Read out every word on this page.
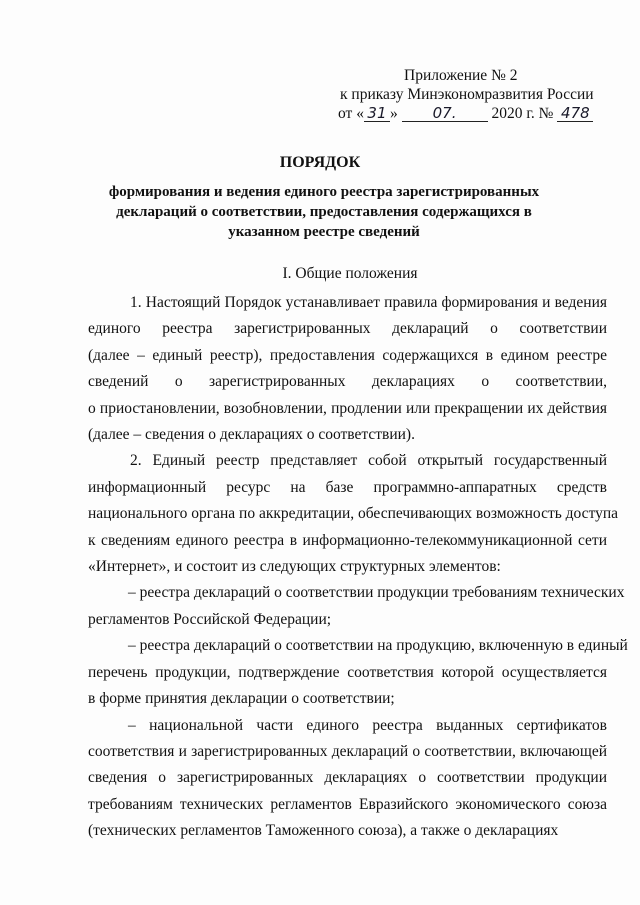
Приложение № 2
к приказу Минэкономразвития России
от « 31 » 07. 2020 г. № 478
ПОРЯДОК
формирования и ведения единого реестра зарегистрированных деклараций о соответствии, предоставления содержащихся в указанном реестре сведений
I. Общие положения
1. Настоящий Порядок устанавливает правила формирования и ведения
единого реестра зарегистрированных деклараций о соответствии
(далее – единый реестр), предоставления содержащихся в едином реестре
сведений о зарегистрированных декларациях о соответствии,
о приостановлении, возобновлении, продлении или прекращении их действия
(далее – сведения о декларациях о соответствии).
2. Единый реестр представляет собой открытый государственный
информационный ресурс на базе программно-аппаратных средств
национального органа по аккредитации, обеспечивающих возможность доступа
к сведениям единого реестра в информационно-телекоммуникационной сети
«Интернет», и состоит из следующих структурных элементов:
– реестра деклараций о соответствии продукции требованиям технических
регламентов Российской Федерации;
– реестра деклараций о соответствии на продукцию, включенную в единый
перечень продукции, подтверждение соответствия которой осуществляется
в форме принятия декларации о соответствии;
– национальной части единого реестра выданных сертификатов
соответствия и зарегистрированных деклараций о соответствии, включающей
сведения о зарегистрированных декларациях о соответствии продукции
требованиям технических регламентов Евразийского экономического союза
(технических регламентов Таможенного союза), а также о декларациях
